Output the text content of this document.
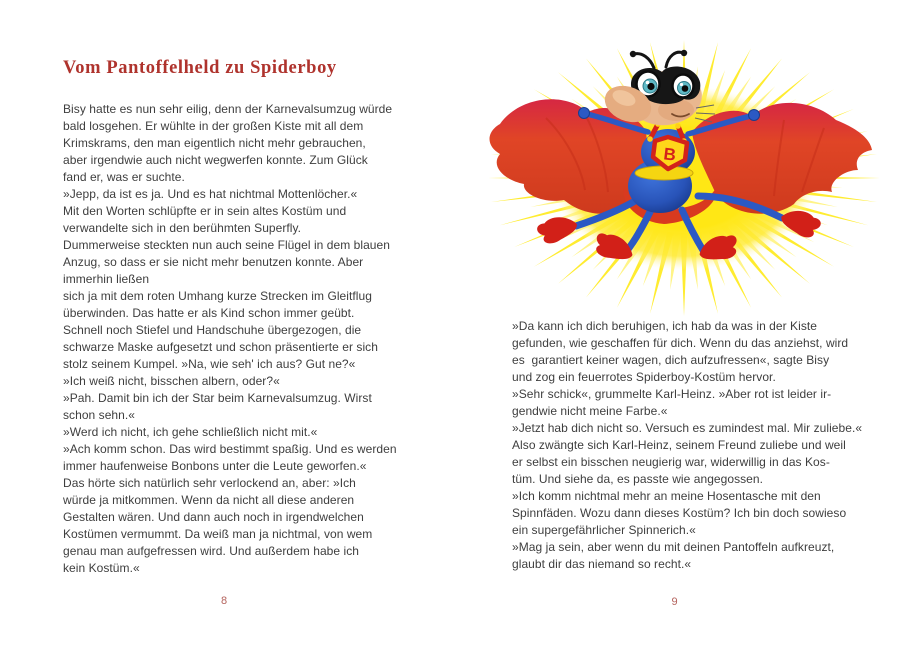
Vom Pantoffelheld zu Spiderboy
Bisy hatte es nun sehr eilig, denn der Karnevalsumzug würde
bald losgehen. Er wühlte in der großen Kiste mit all dem
Krimskrams, den man eigentlich nicht mehr gebrauchen,
aber irgendwie auch nicht wegwerfen konnte. Zum Glück
fand er, was er suchte.
»Jepp, da ist es ja. Und es hat nichtmal Mottenlöcher.«
Mit den Worten schlüpfte er in sein altes Kostüm und
verwandelte sich in den berühmten Superfly.
Dummerweise steckten nun auch seine Flügel in dem blauen
Anzug, so dass er sie nicht mehr benutzen konnte. Aber
immerhin ließen
sich ja mit dem roten Umhang kurze Strecken im Gleitflug
überwinden. Das hatte er als Kind schon immer geübt.
Schnell noch Stiefel und Handschuhe übergezogen, die
schwarze Maske aufgesetzt und schon präsentierte er sich
stolz seinem Kumpel. »Na, wie seh' ich aus? Gut ne?«
»Ich weiß nicht, bisschen albern, oder?«
»Pah. Damit bin ich der Star beim Karnevalsumzug. Wirst
schon sehn.«
»Werd ich nicht, ich gehe schließlich nicht mit.«
»Ach komm schon. Das wird bestimmt spaßig. Und es werden
immer haufenweise Bonbons unter die Leute geworfen.«
Das hörte sich natürlich sehr verlockend an, aber: »Ich
würde ja mitkommen. Wenn da nicht all diese anderen
Gestalten wären. Und dann auch noch in irgendwelchen
Kostümen vermummt. Da weiß man ja nichtmal, von wem
genau man aufgefressen wird. Und außerdem habe ich
kein Kostüm.«
8
B
»Da kann ich dich beruhigen, ich hab da was in der Kiste
gefunden, wie geschaffen für dich. Wenn du das anziehst, wird
es  garantiert keiner wagen, dich aufzufressen«, sagte Bisy
und zog ein feuerrotes Spiderboy-Kostüm hervor.
»Sehr schick«, grummelte Karl-Heinz. »Aber rot ist leider ir-
gendwie nicht meine Farbe.«
»Jetzt hab dich nicht so. Versuch es zumindest mal. Mir zuliebe.«
Also zwängte sich Karl-Heinz, seinem Freund zuliebe und weil
er selbst ein bisschen neugierig war, widerwillig in das Kos-
tüm. Und siehe da, es passte wie angegossen.
»Ich komm nichtmal mehr an meine Hosentasche mit den
Spinnfäden. Wozu dann dieses Kostüm? Ich bin doch sowieso
ein supergefährlicher Spinnerich.«
»Mag ja sein, aber wenn du mit deinen Pantoffeln aufkreuzt,
glaubt dir das niemand so recht.«
9
